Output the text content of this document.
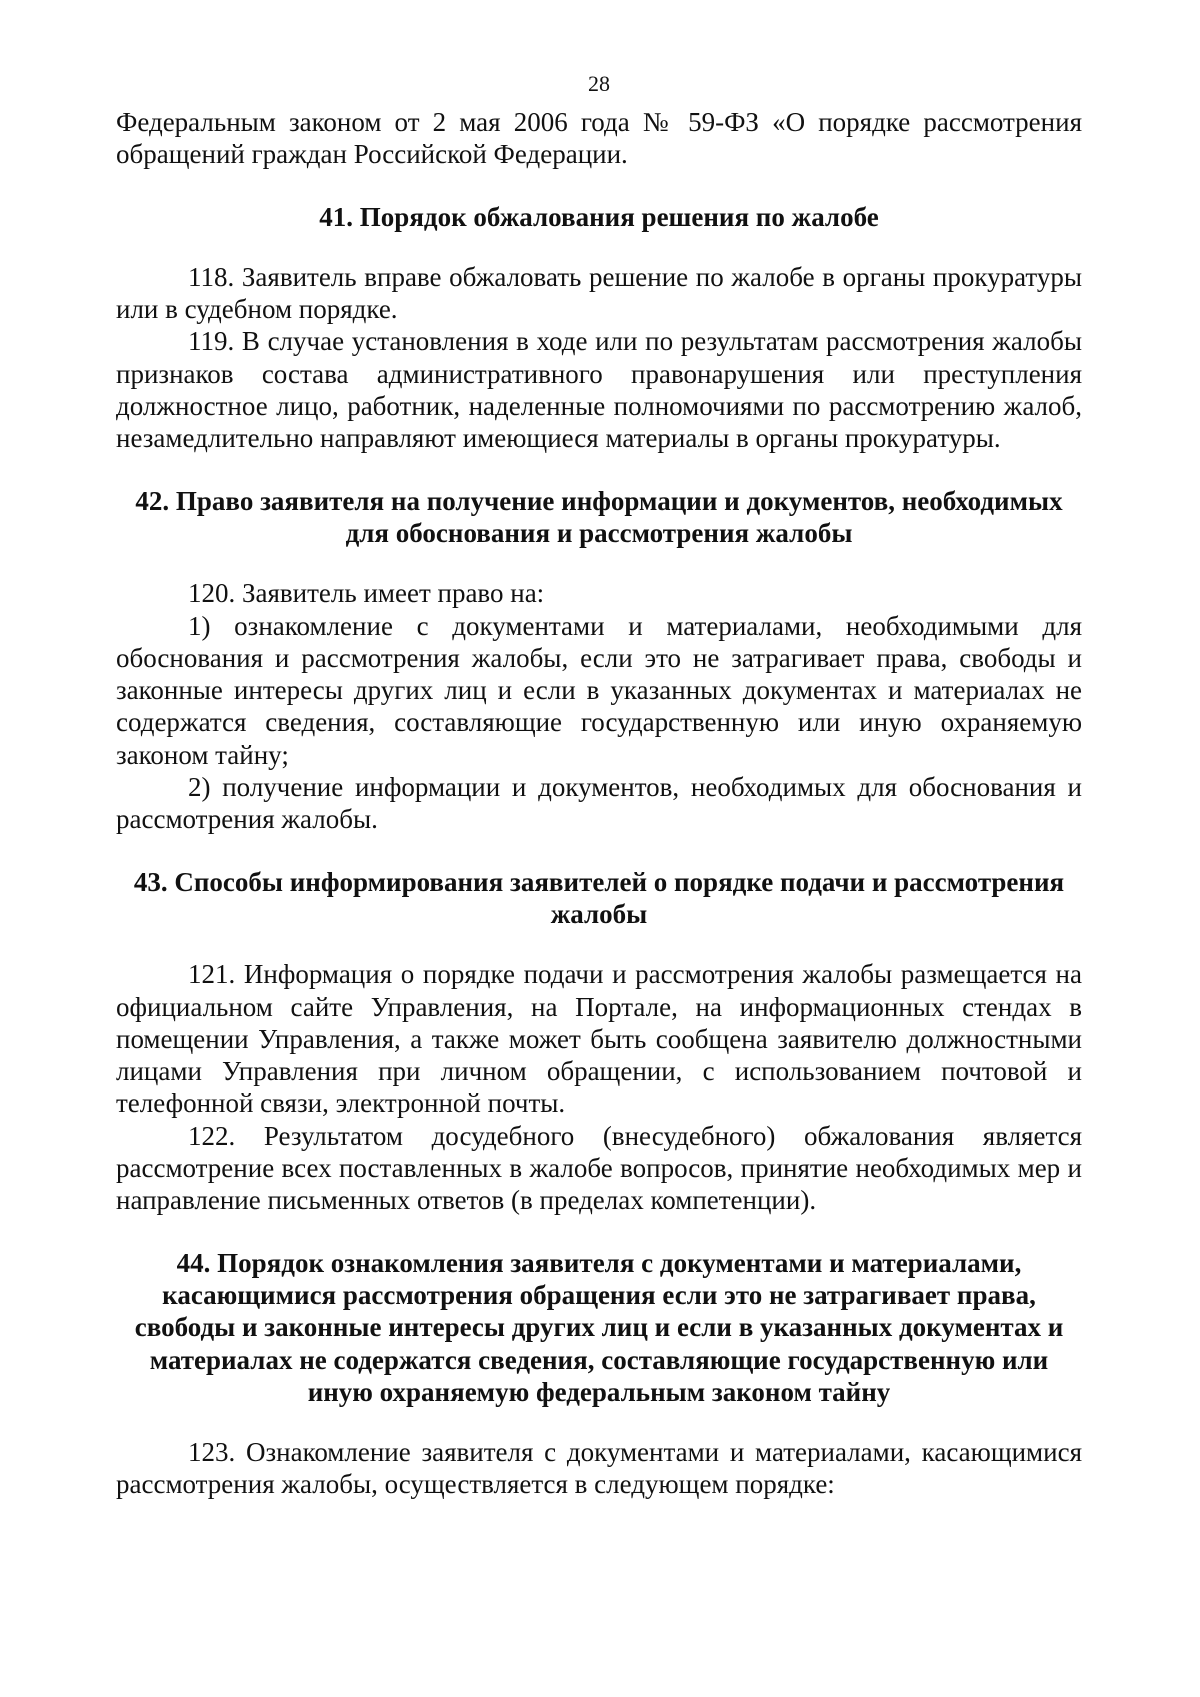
28

Федеральным законом от 2 мая 2006 года № 59-ФЗ «О порядке рассмотрения обращений граждан Российской Федерации.

41. Порядок обжалования решения по жалобе

118. Заявитель вправе обжаловать решение по жалобе в органы прокуратуры или в судебном порядке.

119. В случае установления в ходе или по результатам рассмотрения жалобы признаков состава административного правонарушения или преступления должностное лицо, работник, наделенные полномочиями по рассмотрению жалоб, незамедлительно направляют имеющиеся материалы в органы прокуратуры.

42. Право заявителя на получение информации и документов, необходимых для обоснования и рассмотрения жалобы

120. Заявитель имеет право на:

1) ознакомление с документами и материалами, необходимыми для обоснования и рассмотрения жалобы, если это не затрагивает права, свободы и законные интересы других лиц и если в указанных документах и материалах не содержатся сведения, составляющие государственную или иную охраняемую законом тайну;

2) получение информации и документов, необходимых для обоснования и рассмотрения жалобы.

43. Способы информирования заявителей о порядке подачи и рассмотрения жалобы

121. Информация о порядке подачи и рассмотрения жалобы размещается на официальном сайте Управления, на Портале, на информационных стендах в помещении Управления, а также может быть сообщена заявителю должностными лицами Управления при личном обращении, с использованием почтовой и телефонной связи, электронной почты.

122. Результатом досудебного (внесудебного) обжалования является рассмотрение всех поставленных в жалобе вопросов, принятие необходимых мер и направление письменных ответов (в пределах компетенции).

44. Порядок ознакомления заявителя с документами и материалами, касающимися рассмотрения обращения если это не затрагивает права, свободы и законные интересы других лиц и если в указанных документах и материалах не содержатся сведения, составляющие государственную или иную охраняемую федеральным законом тайну

123. Ознакомление заявителя с документами и материалами, касающимися рассмотрения жалобы, осуществляется в следующем порядке:
